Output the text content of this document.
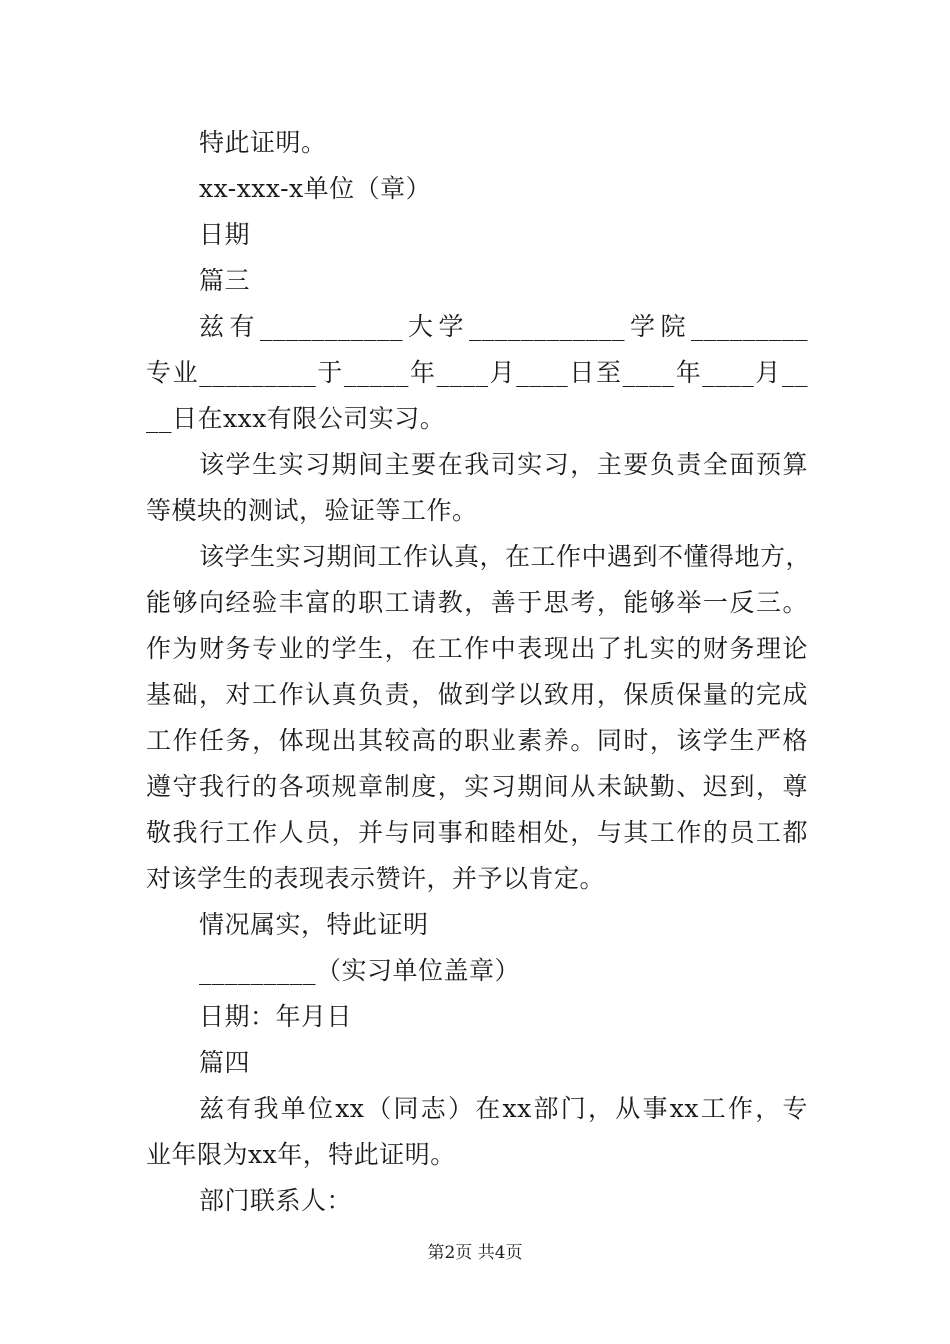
特此证明。
xx-xxx-x单位（章）
日期
篇三
兹有___________大学____________学院_________
专业_________于_____年____月____日至____年____月__
__日在xxx有限公司实习。
该学生实习期间主要在我司实习，主要负责全面预算
等模块的测试，验证等工作。
该学生实习期间工作认真，在工作中遇到不懂得地方，
能够向经验丰富的职工请教，善于思考，能够举一反三。
作为财务专业的学生，在工作中表现出了扎实的财务理论
基础，对工作认真负责，做到学以致用，保质保量的完成
工作任务，体现出其较高的职业素养。同时，该学生严格
遵守我行的各项规章制度，实习期间从未缺勤、迟到，尊
敬我行工作人员，并与同事和睦相处，与其工作的员工都
对该学生的表现表示赞许，并予以肯定。
情况属实，特此证明
_________（实习单位盖章）
日期：年月日
篇四
兹有我单位xx（同志）在xx部门，从事xx工作，专
业年限为xx年，特此证明。
部门联系人：
第2页 共4页
